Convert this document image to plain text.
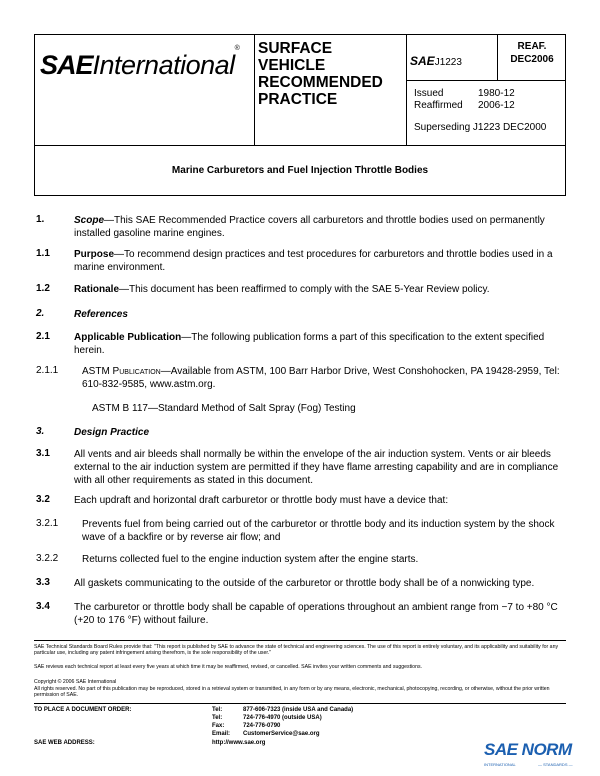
SAEInternational® SURFACE
VEHICLE
RECOMMENDED
PRACTICE
SAEJ1223
REAF.
DEC2006
Issued	1980-12
Reaffirmed 2006-12
Superseding J1223 DEC2000
Marine Carburetors and Fuel Injection Throttle Bodies
1.	Scope—This SAE Recommended Practice covers all carburetors and throttle bodies used on permanently installed gasoline marine engines.
1.1 Purpose—To recommend design practices and test procedures for carburetors and throttle bodies used in a marine environment.
1.2 Rationale—This document has been reaffirmed to comply with the SAE 5-Year Review policy.
2.	References
2.1 Applicable Publication—The following publication forms a part of this specification to the extent specified herein.
2.1.1 ASTM Publication—Available from ASTM, 100 Barr Harbor Drive, West Conshohocken, PA 19428-2959, Tel: 610-832-9585, www.astm.org.
ASTM B 117—Standard Method of Salt Spray (Fog) Testing
3.	Design Practice
3.1 All vents and air bleeds shall normally be within the envelope of the air induction system. Vents or air bleeds external to the air induction system are permitted if they have flame arresting capability and are in compliance with all other requirements as stated in this document.
3.2 Each updraft and horizontal draft carburetor or throttle body must have a device that:
3.2.1 Prevents fuel from being carried out of the carburetor or throttle body and its induction system by the shock wave of a backfire or by reverse air flow; and
3.2.2 Returns collected fuel to the engine induction system after the engine starts.
3.3 All gaskets communicating to the outside of the carburetor or throttle body shall be of a nonwicking type.
3.4 The carburetor or throttle body shall be capable of operations throughout an ambient range from −7 to +80 °C (+20 to 176 °F) without failure.
SAE Technical Standards Board Rules provide that: "This report is published by SAE to advance the state of technical and engineering sciences. The use of this report is entirely voluntary, and its applicability and suitability for any particular use, including any patent infringement arising therefrom, is the sole responsibility of the user."
SAE reviews each technical report at least every five years at which time it may be reaffirmed, revised, or cancelled. SAE invites your written comments and suggestions.
Copyright © 2006 SAE International
All rights reserved. No part of this publication may be reproduced, stored in a retrieval system or transmitted, in any form or by any means, electronic, mechanical, photocopying, recording, or otherwise, without the prior written permission of SAE.
TO PLACE A DOCUMENT ORDER:	Tel:	877-606-7323 (inside USA and Canada)
Tel:	724-776-4970 (outside USA)
Fax:	724-776-0790
Email: CustomerService@sae.org
SAE WEB ADDRESS:	http://www.sae.org	SAE NORM
INTERNATIONAL	— STANDARDS —
